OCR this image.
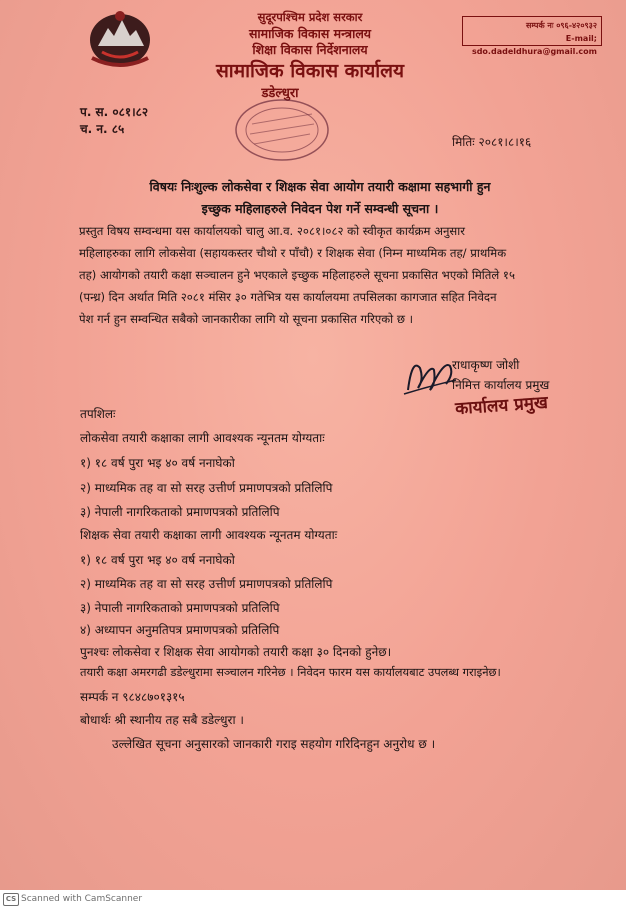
सुदूरपश्चिम प्रदेश सरकार
सामाजिक विकास मन्त्रालय
शिक्षा विकास निर्देशनालय
सामाजिक विकास कार्यालय
डडेल्धुरा
सम्पर्क नः ०९६-४२०९३२
E-mail; sdo.dadeldhura@gmail.com
प. स. ०८१।८२
च. न. ८५
मितिः २०८१।८।१६
विषयः निःशुल्क लोकसेवा र शिक्षक सेवा आयोग तयारी कक्षामा सहभागी हुन
इच्छुक महिलाहरुले निवेदन पेश गर्ने सम्वन्धी सूचना ।
प्रस्तुत विषय सम्वन्धमा यस कार्यालयको चालु आ.व. २०८१।०८२ को स्वीकृत कार्यक्रम अनुसार
महिलाहरुका लागि लोकसेवा (सहायकस्तर चौथो र पाँचौ) र शिक्षक सेवा (निम्न माध्यमिक तह/ प्राथमिक
तह) आयोगको तयारी कक्षा सञ्चालन हुने भएकाले इच्छुक महिलाहरुले सूचना प्रकासित भएको मितिले १५
(पन्ध्र) दिन अर्थात मिति २०८१ मंसिर ३० गतेभित्र यस कार्यालयमा तपसिलका कागजात सहित निवेदन
पेश गर्न हुन सम्वन्धित सबैको जानकारीका लागि यो सूचना प्रकासित गरिएको छ ।
राधाकृष्ण जोशी
निमित्त कार्यालय प्रमुख
कार्यालय प्रमुख
तपशिलः
लोकसेवा तयारी कक्षाका लागी आवश्यक न्यूनतम योग्यताः
१) १८ वर्ष पुरा भइ ४० वर्ष ननाघेको
२) माध्यमिक तह वा सो सरह उत्तीर्ण प्रमाणपत्रको प्रतिलिपि
३) नेपाली नागरिकताको प्रमाणपत्रको प्रतिलिपि
शिक्षक सेवा तयारी कक्षाका लागी आवश्यक न्यूनतम योग्यताः
१) १८ वर्ष पुरा भइ ४० वर्ष ननाघेको
२) माध्यमिक तह वा सो सरह उत्तीर्ण प्रमाणपत्रको प्रतिलिपि
३) नेपाली नागरिकताको प्रमाणपत्रको प्रतिलिपि
४) अध्यापन अनुमतिपत्र प्रमाणपत्रको प्रतिलिपि
पुनश्चः लोकसेवा र शिक्षक सेवा आयोगको तयारी कक्षा ३० दिनको हुनेछ।
तयारी कक्षा अमरगढी डडेल्धुरामा सञ्चालन गरिनेछ । निवेदन फारम यस कार्यालयबाट उपलब्ध गराइनेछ।
सम्पर्क न ९८४८७०१३१५
बोधार्थः श्री स्थानीय तह सबै डडेल्धुरा ।
उल्लेखित सूचना अनुसारको जानकारी गराइ सहयोग गरिदिनहुन अनुरोध छ ।
CS Scanned with CamScanner
